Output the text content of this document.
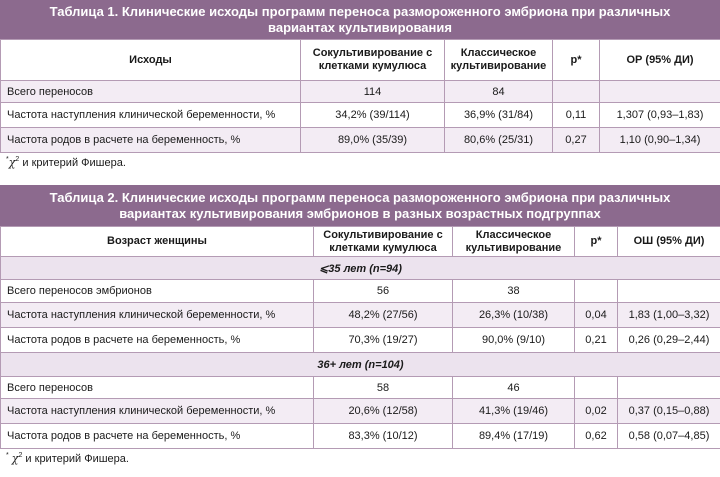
Таблица 1. Клинические исходы программ переноса размороженного эмбриона при различных вариантах культивирования
Исходы	Сокультивирование с клетками кумулюса	Классическое культивирование	p*	ОР (95% ДИ)
Всего переносов	114	84		
Частота наступления клинической беременности, %	34,2% (39/114)	36,9% (31/84)	0,11	1,307 (0,93–1,83)
Частота родов в расчете на беременность, %	89,0% (35/39)	80,6% (25/31)	0,27	1,10 (0,90–1,34)
$^*\chi^2$ и критерий Фишера.
Таблица 2. Клинические исходы программ переноса размороженного эмбриона при различных вариантах культивирования эмбрионов в разных возрастных подгруппах
Возраст женщины	Сокультивирование с клетками кумулюса	Классическое культивирование	p*	ОШ (95% ДИ)
⩽35 лет (n=94)				
Всего переносов эмбрионов	56	38		
Частота наступления клинической беременности, %	48,2% (27/56)	26,3% (10/38)	0,04	1,83 (1,00–3,32)
Частота родов в расчете на беременность, %	70,3% (19/27)	90,0% (9/10)	0,21	0,26 (0,29–2,44)
36+ лет (n=104)				
Всего переносов	58	46		
Частота наступления клинической беременности, %	20,6% (12/58)	41,3% (19/46)	0,02	0,37 (0,15–0,88)
Частота родов в расчете на беременность, %	83,3% (10/12)	89,4% (17/19)	0,62	0,58 (0,07–4,85)
* $\chi^2$ и критерий Фишера.
